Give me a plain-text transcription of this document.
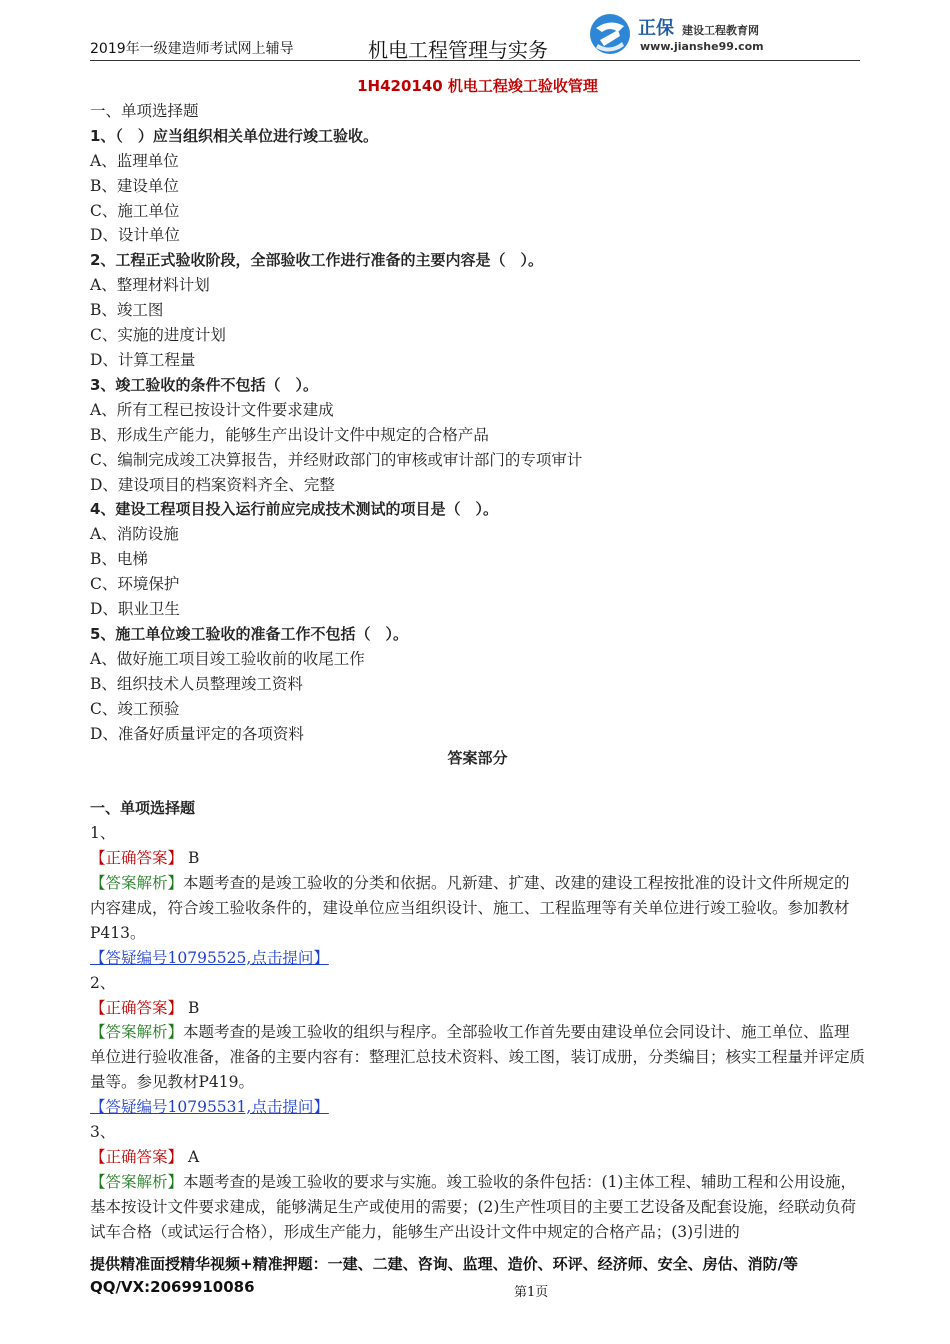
2019年一级建造师考试网上辅导	机电工程管理与实务
正保 建设工程教育网
www.jianshe99.com

1H420140 机电工程竣工验收管理

一、单项选择题

1、（　）应当组织相关单位进行竣工验收。

A、监理单位

B、建设单位

C、施工单位

D、设计单位

2、工程正式验收阶段，全部验收工作进行准备的主要内容是（　）。

A、整理材料计划

B、竣工图

C、实施的进度计划

D、计算工程量

3、竣工验收的条件不包括（　）。

A、所有工程已按设计文件要求建成

B、形成生产能力，能够生产出设计文件中规定的合格产品

C、编制完成竣工决算报告，并经财政部门的审核或审计部门的专项审计

D、建设项目的档案资料齐全、完整

4、建设工程项目投入运行前应完成技术测试的项目是（　）。

A、消防设施

B、电梯

C、环境保护

D、职业卫生

5、施工单位竣工验收的准备工作不包括（　）。

A、做好施工项目竣工验收前的收尾工作

B、组织技术人员整理竣工资料

C、竣工预验

D、准备好质量评定的各项资料

答案部分

一、单项选择题

1、

【正确答案】 B

【答案解析】本题考查的是竣工验收的分类和依据。凡新建、扩建、改建的建设工程按批准的设计文件所规定的内容建成，符合竣工验收条件的，建设单位应当组织设计、施工、工程监理等有关单位进行竣工验收。参加教材P413。

【答疑编号10795525,点击提问】

2、

【正确答案】 B

【答案解析】本题考查的是竣工验收的组织与程序。全部验收工作首先要由建设单位会同设计、施工单位、监理单位进行验收准备，准备的主要内容有：整理汇总技术资料、竣工图，装订成册，分类编目；核实工程量并评定质量等。参见教材P419。

【答疑编号10795531,点击提问】

3、

【正确答案】 A

【答案解析】本题考查的是竣工验收的要求与实施。竣工验收的条件包括：(1)主体工程、辅助工程和公用设施，基本按设计文件要求建成，能够满足生产或使用的需要；(2)生产性项目的主要工艺设备及配套设施，经联动负荷试车合格（或试运行合格），形成生产能力，能够生产出设计文件中规定的合格产品；(3)引进的

提供精准面授精华视频+精准押题：一建、二建、咨询、监理、造价、环评、经济师、安全、房估、消防/等
QQ/VX:2069910086	第1页
